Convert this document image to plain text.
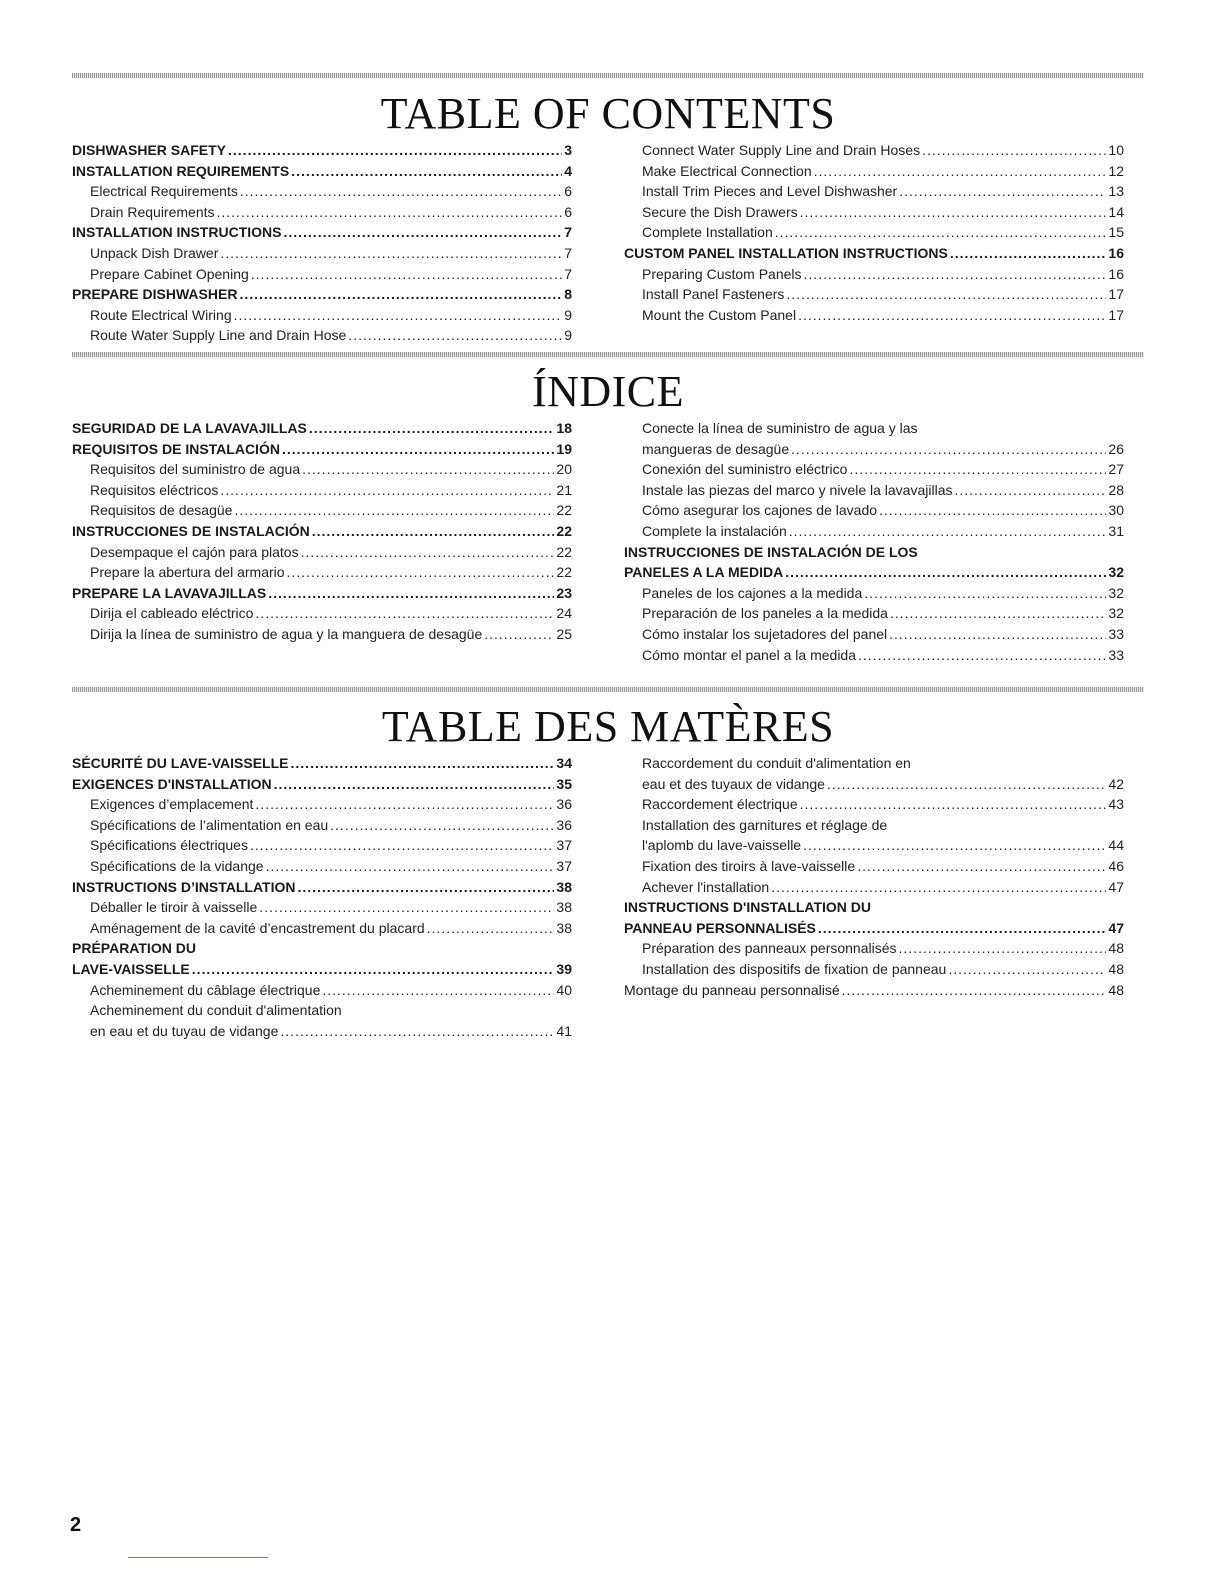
TABLE OF CONTENTS
DISHWASHER SAFETY .....	3
INSTALLATION REQUIREMENTS .....	4
Electrical Requirements .....	6
Drain Requirements .....	6
INSTALLATION INSTRUCTIONS .....	7
Unpack Dish Drawer .....	7
Prepare Cabinet Opening .....	7
PREPARE DISHWASHER .....	8
Route Electrical Wiring .....	9
Route Water Supply Line and Drain Hose .....	9
Connect Water Supply Line and Drain Hoses .....	10
Make Electrical Connection .....	12
Install Trim Pieces and Level Dishwasher .....	13
Secure the Dish Drawers .....	14
Complete Installation .....	15
CUSTOM PANEL INSTALLATION INSTRUCTIONS .....	16
Preparing Custom Panels .....	16
Install Panel Fasteners .....	17
Mount the Custom Panel .....	17
ÍNDICE
SEGURIDAD DE LA LAVAVAJILLAS .....	18
REQUISITOS DE INSTALACIÓN .....	19
Requisitos del suministro de agua .....	20
Requisitos eléctricos .....	21
Requisitos de desagüe .....	22
INSTRUCCIONES DE INSTALACIÓN .....	22
Desempaque el cajón para platos .....	22
Prepare la abertura del armario .....	22
PREPARE LA LAVAVAJILLAS .....	23
Dirija el cableado eléctrico .....	24
Dirija la línea de suministro de agua y la manguera de desagüe .....	25
Conecte la línea de suministro de agua y las
mangueras de desagüe .....	26
Conexión del suministro eléctrico .....	27
Instale las piezas del marco y nivele la lavavajillas .....	28
Cómo asegurar los cajones de lavado .....	30
Complete la instalación .....	31
INSTRUCCIONES DE INSTALACIÓN DE LOS
PANELES A LA MEDIDA .....	32
Paneles de los cajones a la medida .....	32
Preparación de los paneles a la medida .....	32
Cómo instalar los sujetadores del panel .....	33
Cómo montar el panel a la medida .....	33
TABLE DES MATÈRES
SÉCURITÉ DU LAVE-VAISSELLE .....	34
EXIGENCES D'INSTALLATION .....	35
Exigences d’emplacement .....	36
Spécifications de l’alimentation en eau .....	36
Spécifications électriques .....	37
Spécifications de la vidange .....	37
INSTRUCTIONS D’INSTALLATION .....	38
Déballer le tiroir à vaisselle .....	38
Aménagement de la cavité d’encastrement du placard .....	38
PRÉPARATION DU
LAVE-VAISSELLE .....	39
Acheminement du câblage électrique .....	40
Acheminement du conduit d'alimentation
en eau et du tuyau de vidange .....	41
Raccordement du conduit d'alimentation en
eau et des tuyaux de vidange .....	42
Raccordement électrique .....	43
Installation des garnitures et réglage de
l'aplomb du lave-vaisselle .....	44
Fixation des tiroirs à lave-vaisselle .....	46
Achever l'installation .....	47
INSTRUCTIONS D'INSTALLATION DU
PANNEAU PERSONNALISÉS .....	47
Préparation des panneaux personnalisés .....	48
Installation des dispositifs de fixation de panneau .....	48
Montage du panneau personnalisé .....	48
2
